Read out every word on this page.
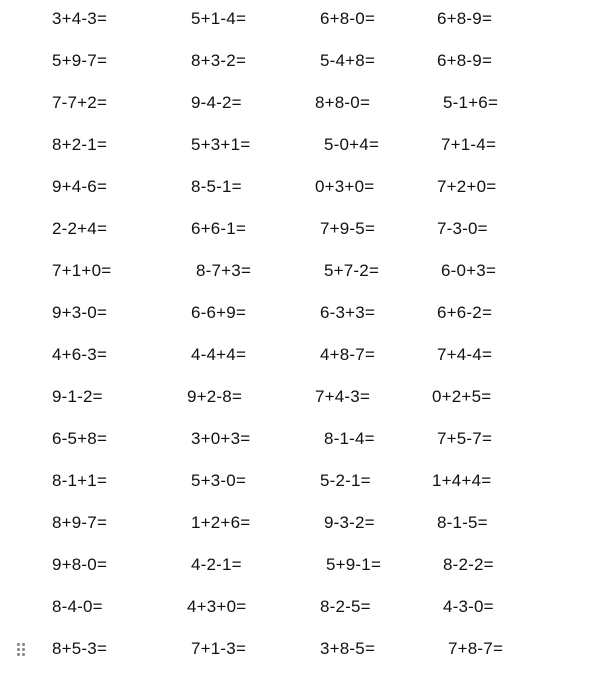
3+4-3=	5+1-4=	6+8-0=	6+8-9=
5+9-7=	8+3-2=	5-4+8=	6+8-9=
7-7+2=	9-4-2=	8+8-0=	5-1+6=
8+2-1=	5+3+1=	5-0+4=	7+1-4=
9+4-6=	8-5-1=	0+3+0=	7+2+0=
2-2+4=	6+6-1=	7+9-5=	7-3-0=
7+1+0=	8-7+3=	5+7-2=	6-0+3=
9+3-0=	6-6+9=	6-3+3=	6+6-2=
4+6-3=	4-4+4=	4+8-7=	7+4-4=
9-1-2=	9+2-8=	7+4-3=	0+2+5=
6-5+8=	3+0+3=	8-1-4=	7+5-7=
8-1+1=	5+3-0=	5-2-1=	1+4+4=
8+9-7=	1+2+6=	9-3-2=	8-1-5=
9+8-0=	4-2-1=	5+9-1=	8-2-2=
8-4-0=	4+3+0=	8-2-5=	4-3-0=
8+5-3=	7+1-3=	3+8-5=	7+8-7=
